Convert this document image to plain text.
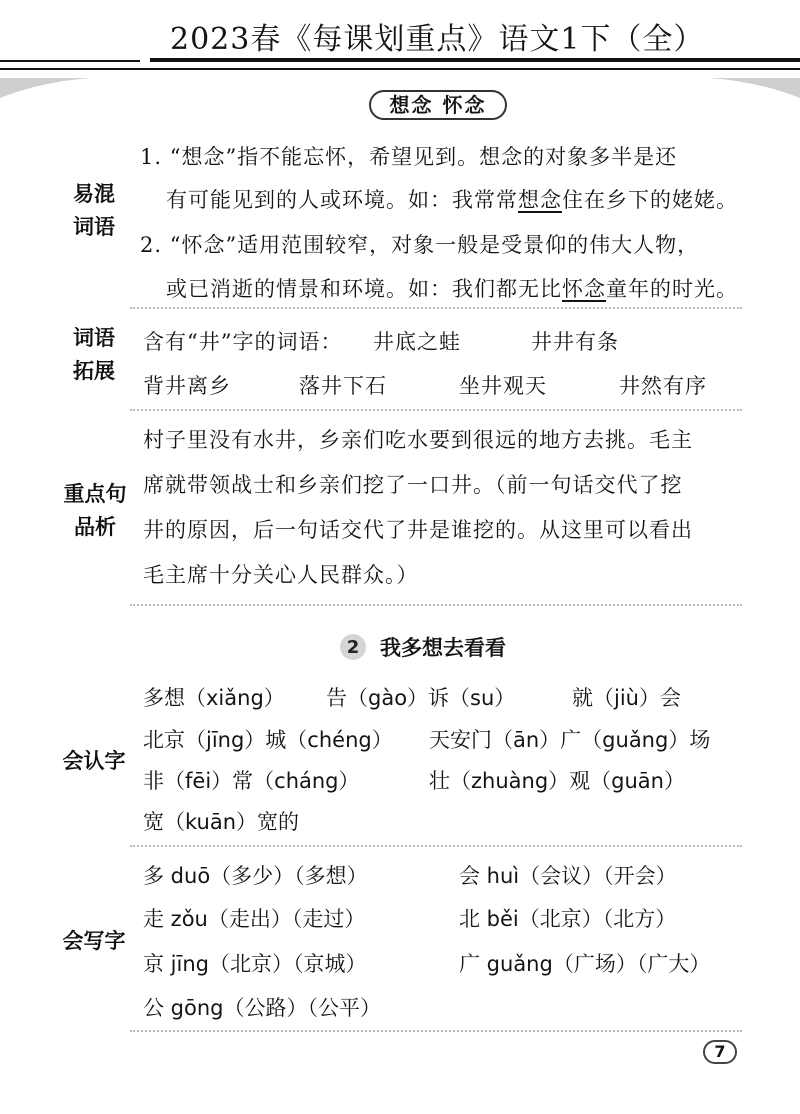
2023春《每课划重点》语文1下（全）
想念 怀念
易混
词语
1. “想念”指不能忘怀，希望见到。想念的对象多半是还
有可能见到的人或环境。如：我常常想念住在乡下的姥姥。
2. “怀念”适用范围较窄，对象一般是受景仰的伟大人物，
或已消逝的情景和环境。如：我们都无比怀念童年的时光。
词语
拓展
含有“井”字的词语： 井底之蛙	井井有条
背井离乡	落井下石	坐井观天	井然有序
重点句
品析
村子里没有水井，乡亲们吃水要到很远的地方去挑。毛主
席就带领战士和乡亲们挖了一口井。（前一句话交代了挖
井的原因，后一句话交代了井是谁挖的。从这里可以看出
毛主席十分关心人民群众。）
2 我多想去看看
会认字
多想（xiǎng） 告（gào）诉（su）	就（jiù）会
北京（jīng）城（chéng） 天安门（ān）广（guǎng）场
非（fēi）常（cháng）	壮（zhuàng）观（guān）
宽（kuān）宽的
会写字
多 duō（多少）（多想）	会 huì（会议）（开会）
走 zǒu（走出）（走过）	北 běi（北京）（北方）
京 jīng（北京）（京城）	广 guǎng（广场）（广大）
公 gōng（公路）（公平）
7
